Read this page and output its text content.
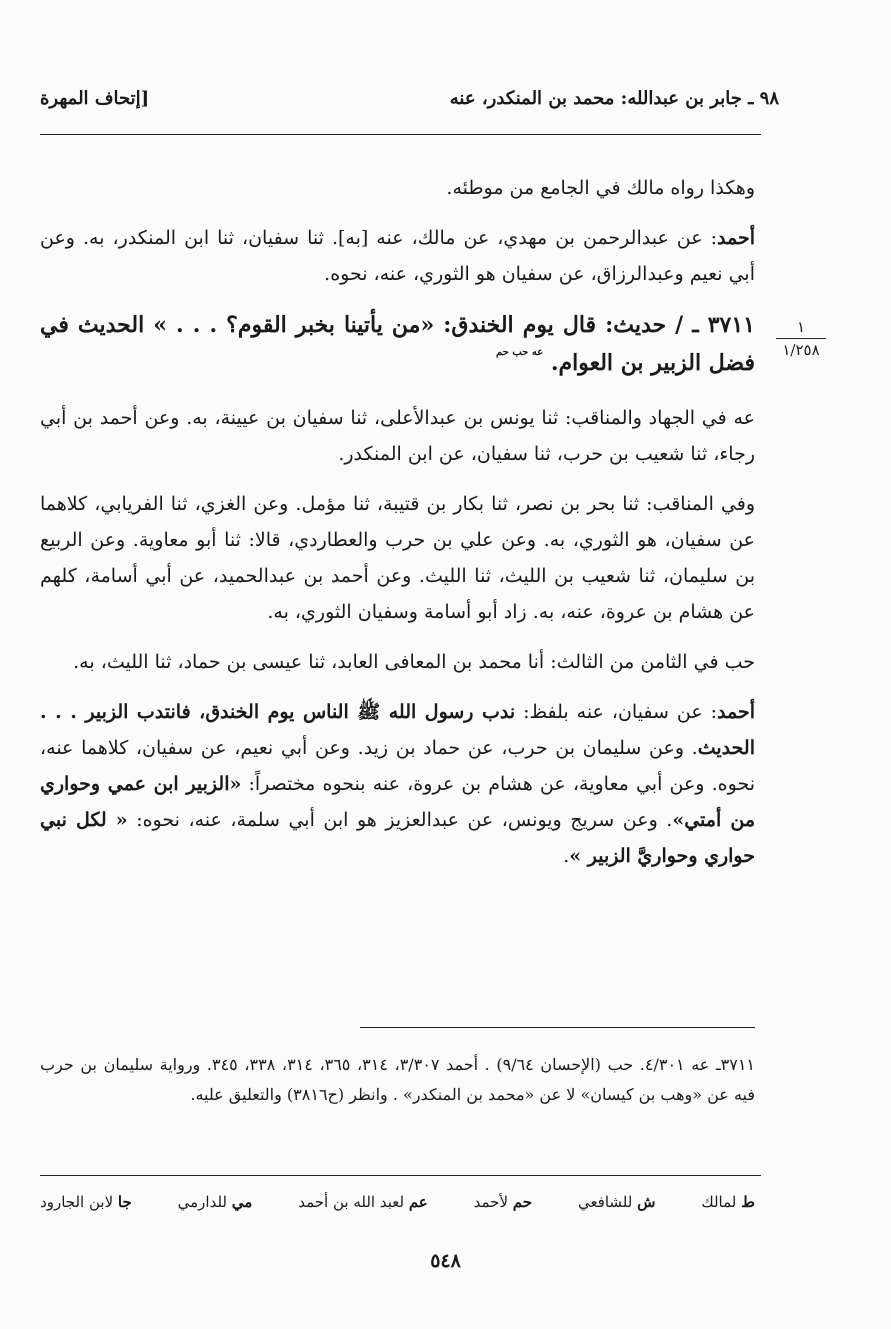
٩٨ ـ جابر بن عبدالله: محمد بن المنكدر، عنه
[إتحاف المهرة
١
١/٢٥٨

وهكذا رواه مالك في الجامع من موطئه.

أحمد: عن عبدالرحمن بن مهدي، عن مالك، عنه [به]. ثنا سفيان، ثنا ابن المنكدر، به. وعن أبي نعيم وعبدالرزاق، عن سفيان هو الثوري، عنه، نحوه.

٣٧١١ ـ / حديث: قال يوم الخندق: «من يأتينا بخبر القوم؟ . . . » الحديث في فضل الزبير بن العوام. عه حب حم

عه في الجهاد والمناقب: ثنا يونس بن عبدالأعلى، ثنا سفيان بن عيينة، به. وعن أحمد بن أبي رجاء، ثنا شعيب بن حرب، ثنا سفيان، عن ابن المنكدر.

وفي المناقب: ثنا بحر بن نصر، ثنا بكار بن قتيبة، ثنا مؤمل. وعن الغزي، ثنا الفريابي، كلاهما عن سفيان، هو الثوري، به. وعن علي بن حرب والعطاردي، قالا: ثنا أبو معاوية. وعن الربيع بن سليمان، ثنا شعيب بن الليث، ثنا الليث. وعن أحمد بن عبدالحميد، عن أبي أسامة، كلهم عن هشام بن عروة، عنه، به. زاد أبو أسامة وسفيان الثوري، به.

حب في الثامن من الثالث: أنا محمد بن المعافى العابد، ثنا عيسى بن حماد، ثنا الليث، به.

أحمد: عن سفيان، عنه بلفظ: ندب رسول الله ﷺ الناس يوم الخندق، فانتدب الزبير . . . الحديث. وعن سليمان بن حرب، عن حماد بن زيد. وعن أبي نعيم، عن سفيان، كلاهما عنه، نحوه. وعن أبي معاوية، عن هشام بن عروة، عنه بنحوه مختصراً: «الزبير ابن عمي وحواري من أمتي». وعن سريج ويونس، عن عبدالعزيز هو ابن أبي سلمة، عنه، نحوه: « لكل نبي حواري وحواريَّ الزبير ».

٣٧١١ـ عه ٤/٣٠١. حب (الإحسان ٩/٦٤) . أحمد ٣/٣٠٧، ٣١٤، ٣٦٥، ٣١٤، ٣٣٨، ٣٤٥. ورواية سليمان بن حرب فيه عن «وهب بن كيسان» لا عن «محمد بن المنكدر» . وانظر (ح٣٨١٦) والتعليق عليه.
ط لمالك
ش للشافعي
حم لأحمد
عم لعبد الله بن أحمد
مي للدارمي
جا لابن الجارود
٥٤٨
